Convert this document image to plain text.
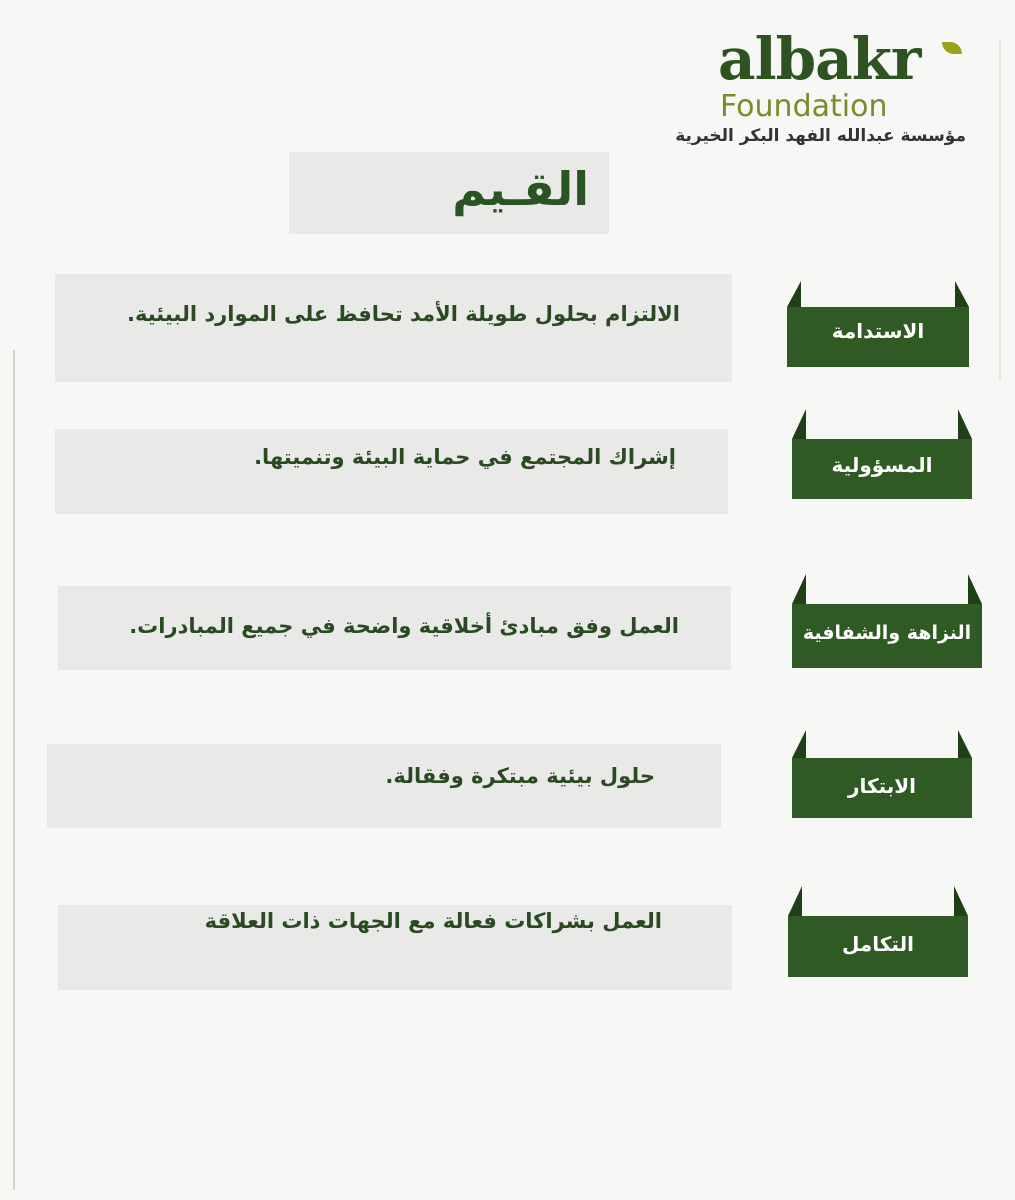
albakr
Foundation
مؤسسة عبدالله الفهد البكر الخيرية
القـيم
الالتزام بحلول طويلة الأمد تحافظ على الموارد البيئية.
الاستدامة
إشراك المجتمع في حماية البيئة وتنميتها.	المسؤولية
العمل وفق مبادئ أخلاقية واضحة في جميع المبادرات.	النزاهة والشفافية
حلول بيئية مبتكرة وفقالة.	الابتكار
العمل بشراكات فعالة مع الجهات ذات العلاقة
التكامل
